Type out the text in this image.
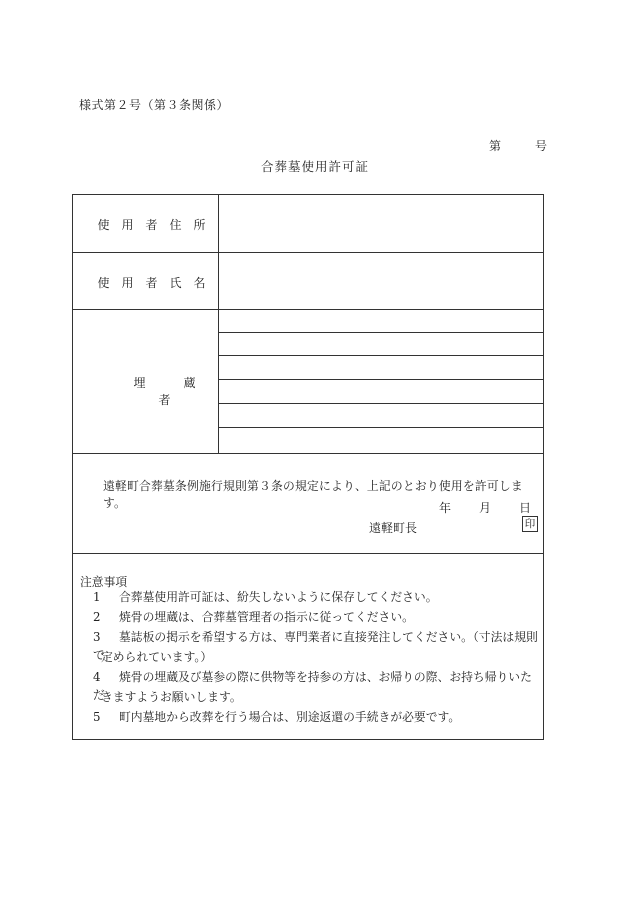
様式第２号（第３条関係）
第	号
合葬墓使用許可証
使用者住所
使用者氏名
埋蔵者
遠軽町合葬墓条例施行規則第３条の規定により、上記のとおり使用を許可します。	年 月 日
遠軽町長	印
注意事項
1 合葬墓使用許可証は、紛失しないように保存してください。
2 焼骨の埋蔵は、合葬墓管理者の指示に従ってください。
3 墓誌板の掲示を希望する方は、専門業者に直接発注してください。（寸法は規則で
定められています。）
4 焼骨の埋蔵及び墓参の際に供物等を持参の方は、お帰りの際、お持ち帰りいただ
きますようお願いします。
5 町内墓地から改葬を行う場合は、別途返還の手続きが必要です。
